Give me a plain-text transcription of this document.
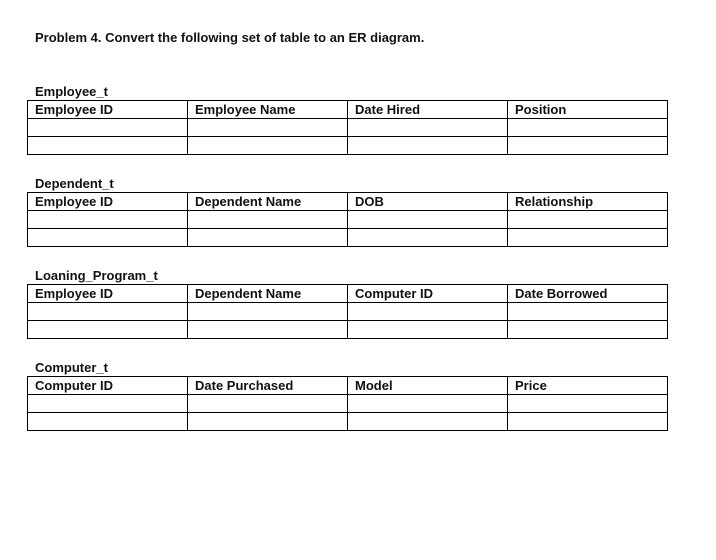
Problem 4. Convert the following set of table to an ER diagram.
Employee_t
Employee ID	Employee Name	Date Hired	Position

Dependent_t
Employee ID	Dependent Name	DOB	Relationship

Loaning_Program_t
Employee ID	Dependent Name	Computer ID	Date Borrowed

Computer_t
Computer ID	Date Purchased	Model	Price
